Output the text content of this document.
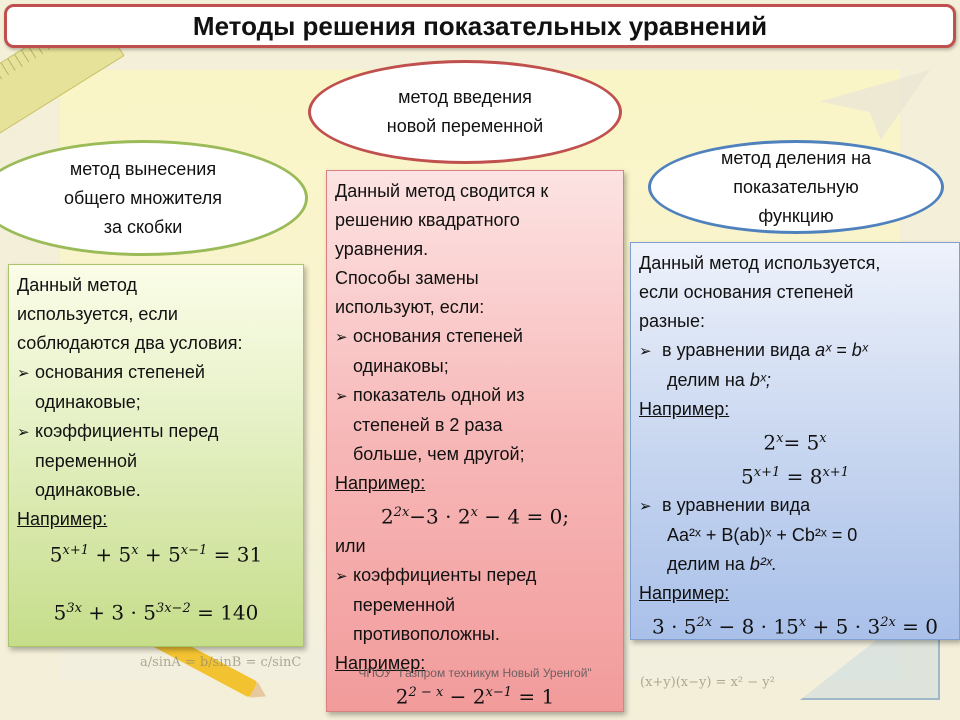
a/sinA = b/sinB = c/sinC
(x+y)(x−y) = x² − y²
Методы решения показательных уравнений
метод вынесения
общего множителя
за скобки
метод введения
новой переменной
метод деления на
показательную
функцию
Данный метод
используется, если
соблюдаются два условия:
➢ основания степеней
одинаковые;
➢ коэффициенты перед
переменной
одинаковые.
Например:
$5^{x+1} + 5^x + 5^{x-1} = 31$
$5^{3x} + 3 \cdot 5^{3x-2} = 140$
Данный метод сводится к
решению квадратного
уравнения.
Способы замены
используют, если:
➢ основания степеней
одинаковы;
➢ показатель одной из
степеней в 2 раза
больше, чем другой;
Например:
$2^{2x}-3 \cdot 2^x - 4 = 0$;
или
➢ коэффициенты перед
переменной
противоположны.
Например:
$2^{2 - x} - 2^{x-1} = 1$
Данный метод используется,
если основания степеней
разные:
➢ в уравнении вида aˣ = bˣ
делим на bˣ;
Например:
$2^x= 5^x$
$5^{x+1} = 8^{x+1}$
➢ в уравнении вида
Aa²ˣ + B(ab)ˣ + Cb²ˣ = 0
делим на b²ˣ.
Например:
$3 \cdot 5^{2x} - 8 \cdot 15^x + 5 \cdot 3^{2x} = 0$
ЧПОУ "Газпром техникум Новый Уренгой"
